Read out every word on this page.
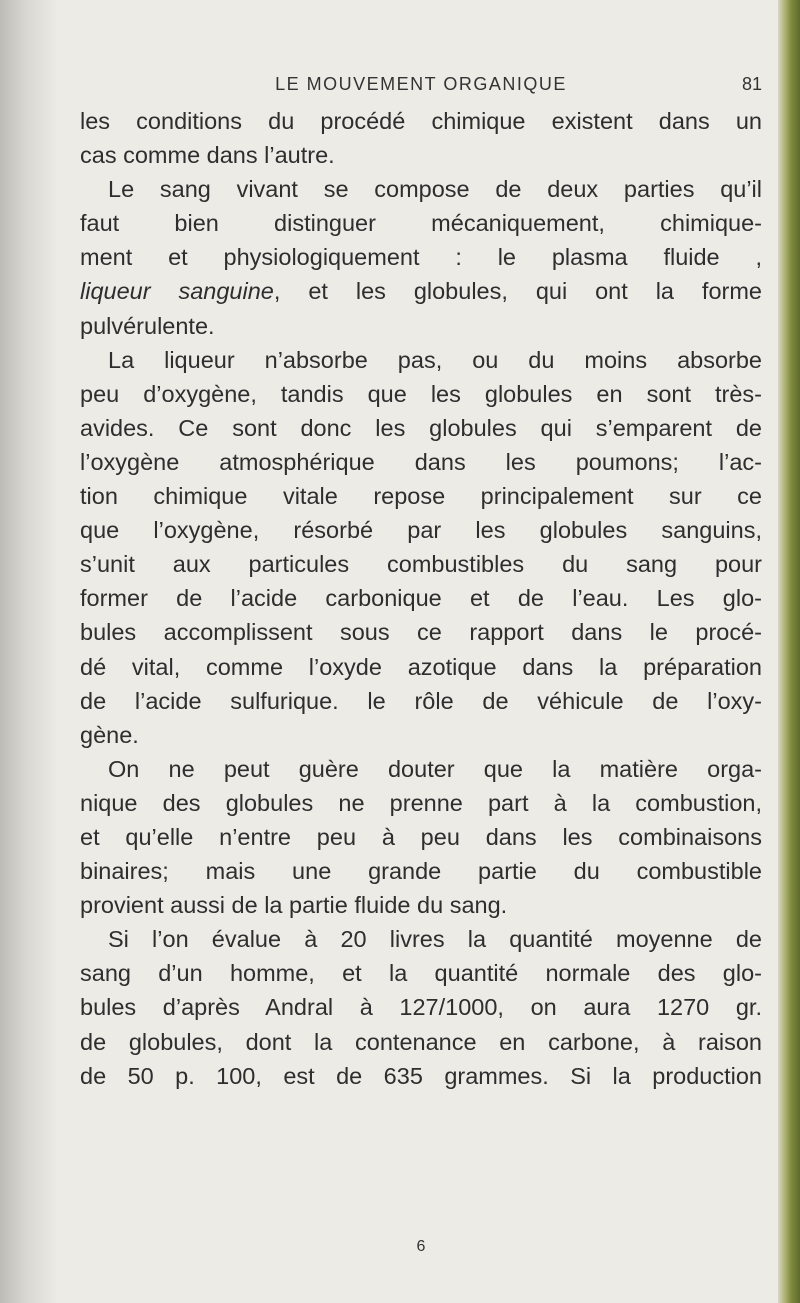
LE MOUVEMENT ORGANIQUE	81
les conditions du procédé chimique existent dans un
cas comme dans l’autre.
Le sang vivant se compose de deux parties qu’il
faut bien distinguer mécaniquement, chimique-
ment et physiologiquement : le plasma fluide ,
liqueur sanguine, et les globules, qui ont la forme
pulvérulente.
La liqueur n’absorbe pas, ou du moins absorbe
peu d’oxygène, tandis que les globules en sont très-
avides. Ce sont donc les globules qui s’emparent de
l’oxygène atmosphérique dans les poumons; l’ac-
tion chimique vitale repose principalement sur ce
que l’oxygène, résorbé par les globules sanguins,
s’unit aux particules combustibles du sang pour
former de l’acide carbonique et de l’eau. Les glo-
bules accomplissent sous ce rapport dans le procé-
dé vital, comme l’oxyde azotique dans la préparation
de l’acide sulfurique. le rôle de véhicule de l’oxy-
gène.
On ne peut guère douter que la matière orga-
nique des globules ne prenne part à la combustion,
et qu’elle n’entre peu à peu dans les combinaisons
binaires; mais une grande partie du combustible
provient aussi de la partie fluide du sang.
Si l’on évalue à 20 livres la quantité moyenne de
sang d’un homme, et la quantité normale des glo-
bules d’après Andral à 127/1000, on aura 1270 gr.
de globules, dont la contenance en carbone, à raison
de 50 p. 100, est de 635 grammes. Si la production
6
